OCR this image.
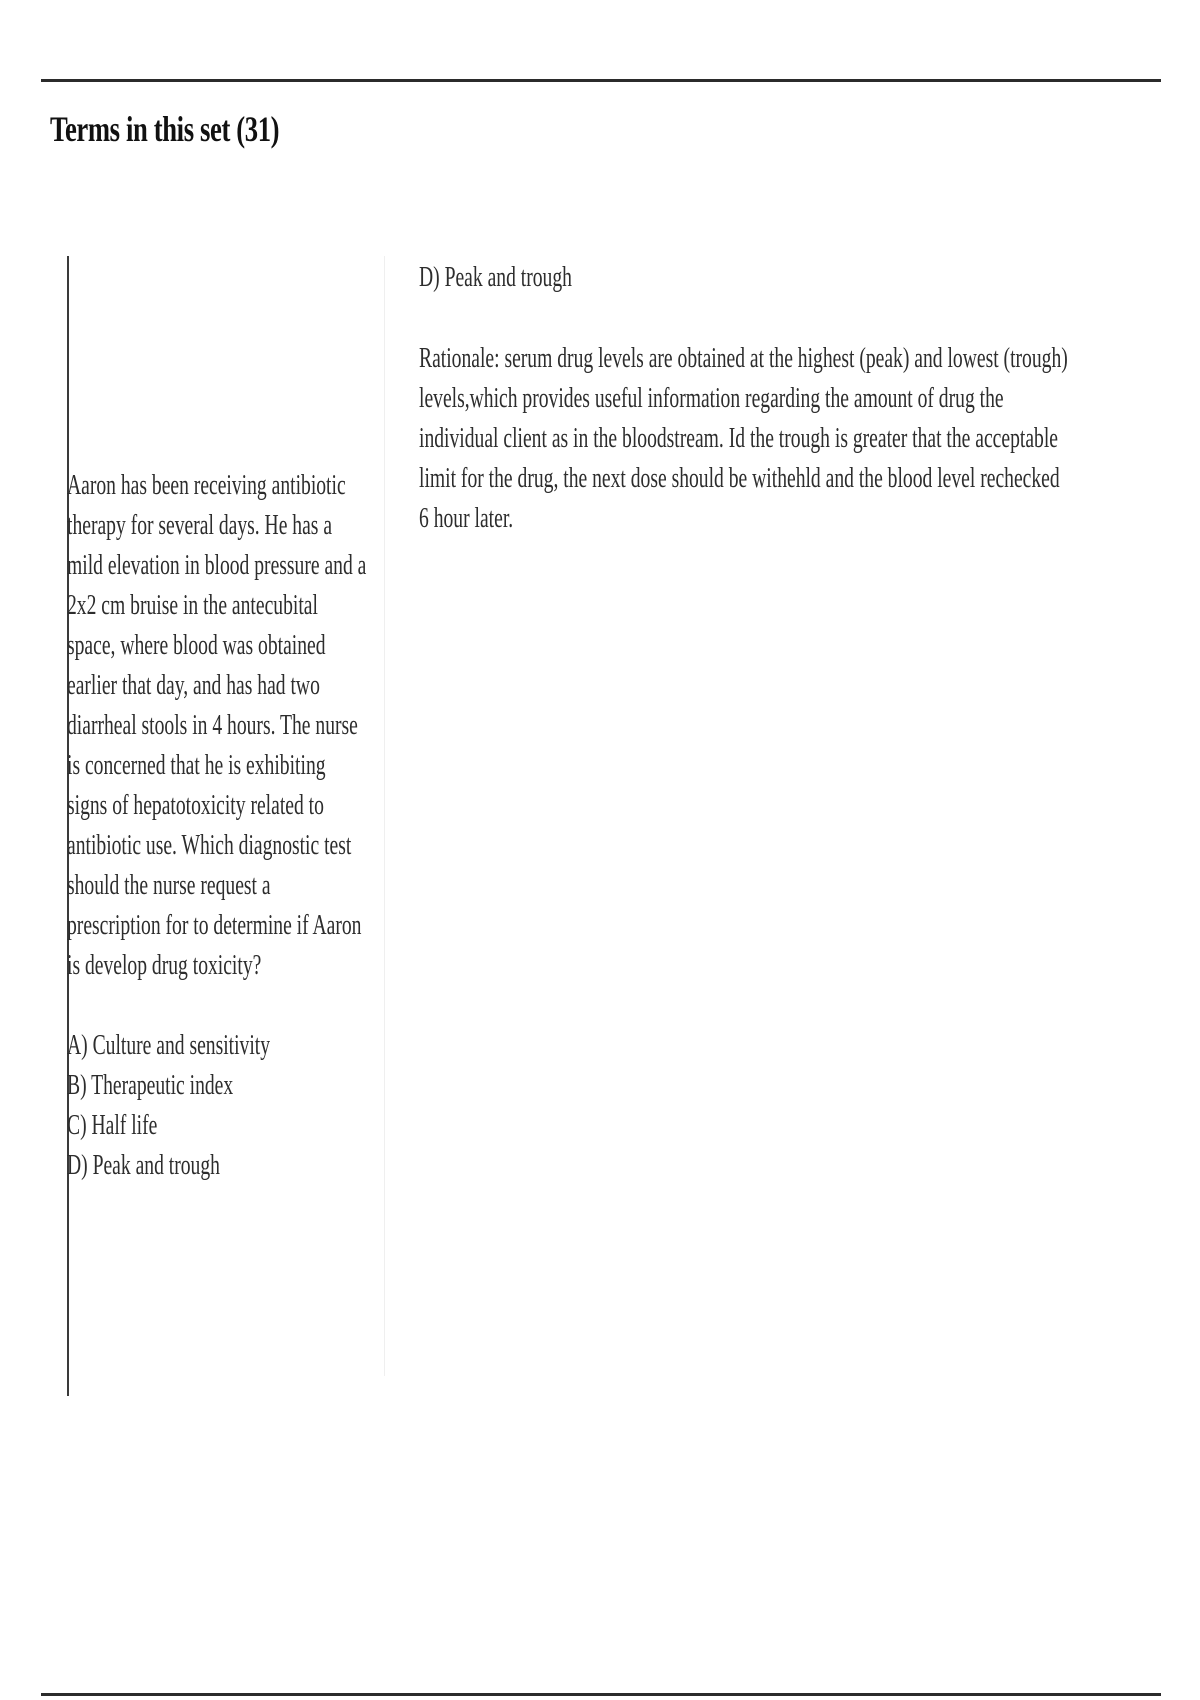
Terms in this set (31)

Aaron has been receiving antibiotic therapy for several days. He has a mild elevation in blood pressure and a 2x2 cm bruise in the antecubital space, where blood was obtained earlier that day, and has had two diarrheal stools in 4 hours. The nurse is concerned that he is exhibiting signs of hepatotoxicity related to antibiotic use. Which diagnostic test should the nurse request a prescription for to determine if Aaron is develop drug toxicity?

A) Culture and sensitivity

B) Therapeutic index

C) Half life

D) Peak and trough

D) Peak and trough

Rationale: serum drug levels are obtained at the highest (peak) and lowest (trough) levels,which provides useful information regarding the amount of drug the individual client as in the bloodstream. Id the trough is greater that the acceptable limit for the drug, the next dose should be withehld and the blood level rechecked 6 hour later.
